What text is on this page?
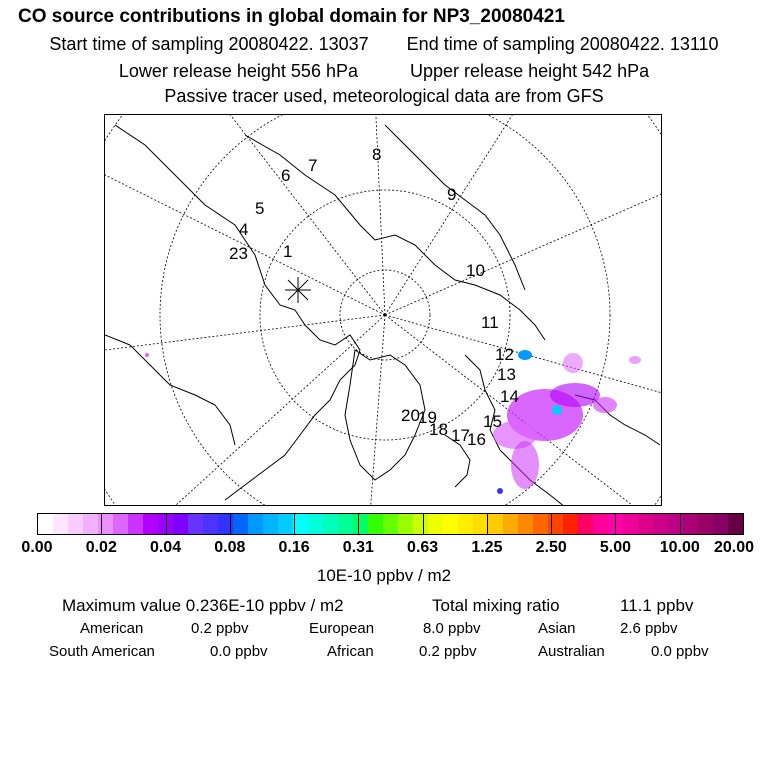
CO source contributions in global domain for NP3_20080421
Start time of sampling 20080422. 13037 End time of sampling 20080422. 13110
Lower release height 556 hPa	Upper release height 542 hPa
Passive tracer used, meteorological data are from GFS
1
23
4
5
6
7
8
9
10
11
12
13
14
15
16
17
18
19
20
0.00 0.02 0.04 0.08 0.16 0.31 0.63 1.25 2.50 5.00 10.00 20.00
10E-10 ppbv / m2
Maximum value 0.236E-10 ppbv / m2	Total mixing ratio	11.1 ppbv
American	0.2 ppbv	European	8.0 ppbv	Asian	2.6 ppbv
South American	0.0 ppbv	African	0.2 ppbv	Australian	0.0 ppbv
